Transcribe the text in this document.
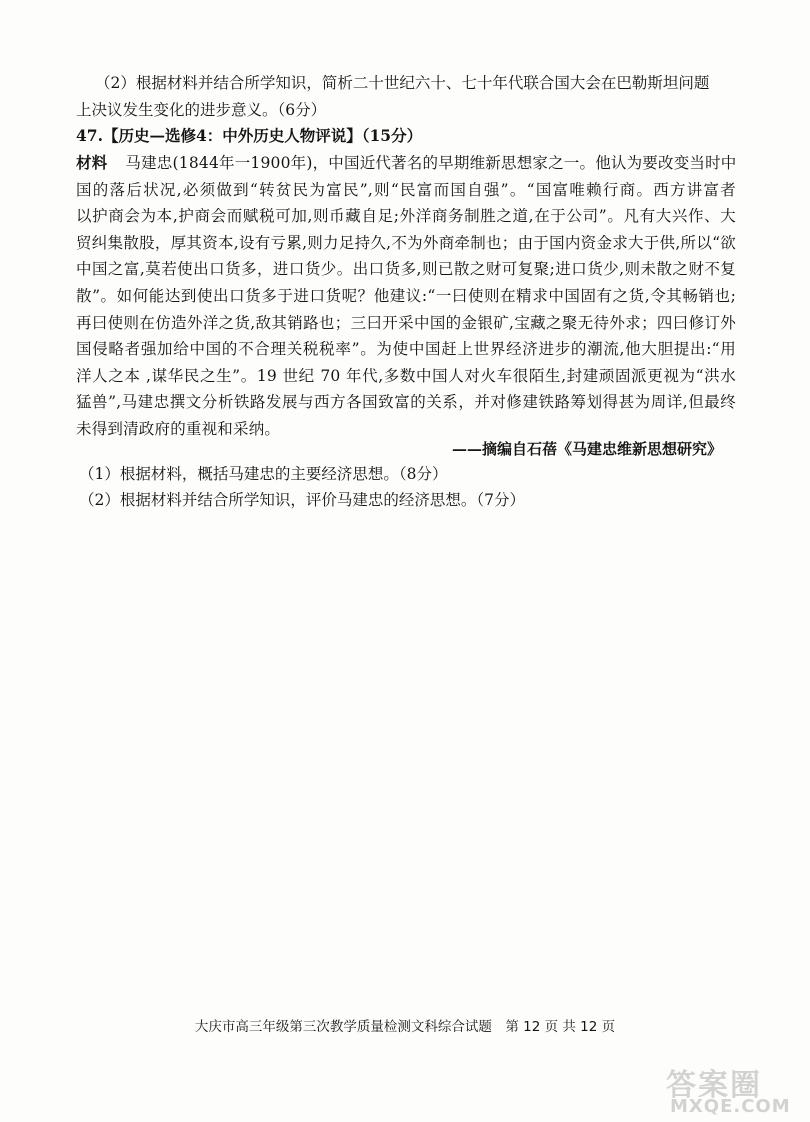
（2）根据材料并结合所学知识，简析二十世纪六十、七十年代联合国大会在巴勒斯坦问题
上决议发生变化的进步意义。（6分）
47.【历史—选修4：中外历史人物评说】（15分）
材料 马建忠(1844年一1900年)，中国近代著名的早期维新思想家之一。他认为要改变当时中
国的落后状况,必须做到“转贫民为富民”,则“民富而国自强”。“国富唯赖行商。西方讲富者
以护商会为本,护商会而赋税可加,则币藏自足;外洋商务制胜之道,在于公司”。凡有大兴作、大
贸纠集散股，厚其资本,设有亏累,则力足持久,不为外商牵制也；由于国内资金求大于供,所以“欲
中国之富,莫若使出口货多，进口货少。出口货多,则已散之财可复聚;进口货少,则未散之财不复
散”。如何能达到使出口货多于进口货呢？他建议:“一曰使则在精求中国固有之货,令其畅销也;
再曰使则在仿造外洋之货,敌其销路也；三曰开采中国的金银矿,宝藏之聚无待外求；四曰修订外
国侵略者强加给中国的不合理关税税率”。为使中国赶上世界经济进步的潮流,他大胆提出:“用
洋人之本 ,谋华民之生”。19 世纪 70 年代,多数中国人对火车很陌生,封建顽固派更视为“洪水
猛兽”,马建忠撰文分析铁路发展与西方各国致富的关系，并对修建铁路筹划得甚为周详,但最终
未得到清政府的重视和采纳。
——摘编自石蓓《马建忠维新思想研究》
（1）根据材料，概括马建忠的主要经济思想。（8分）
（2）根据材料并结合所学知识，评价马建忠的经济思想。（7分）
大庆市高三年级第三次教学质量检测文科综合试题　第 12 页 共 12 页
答案圈
MXQE.COM
